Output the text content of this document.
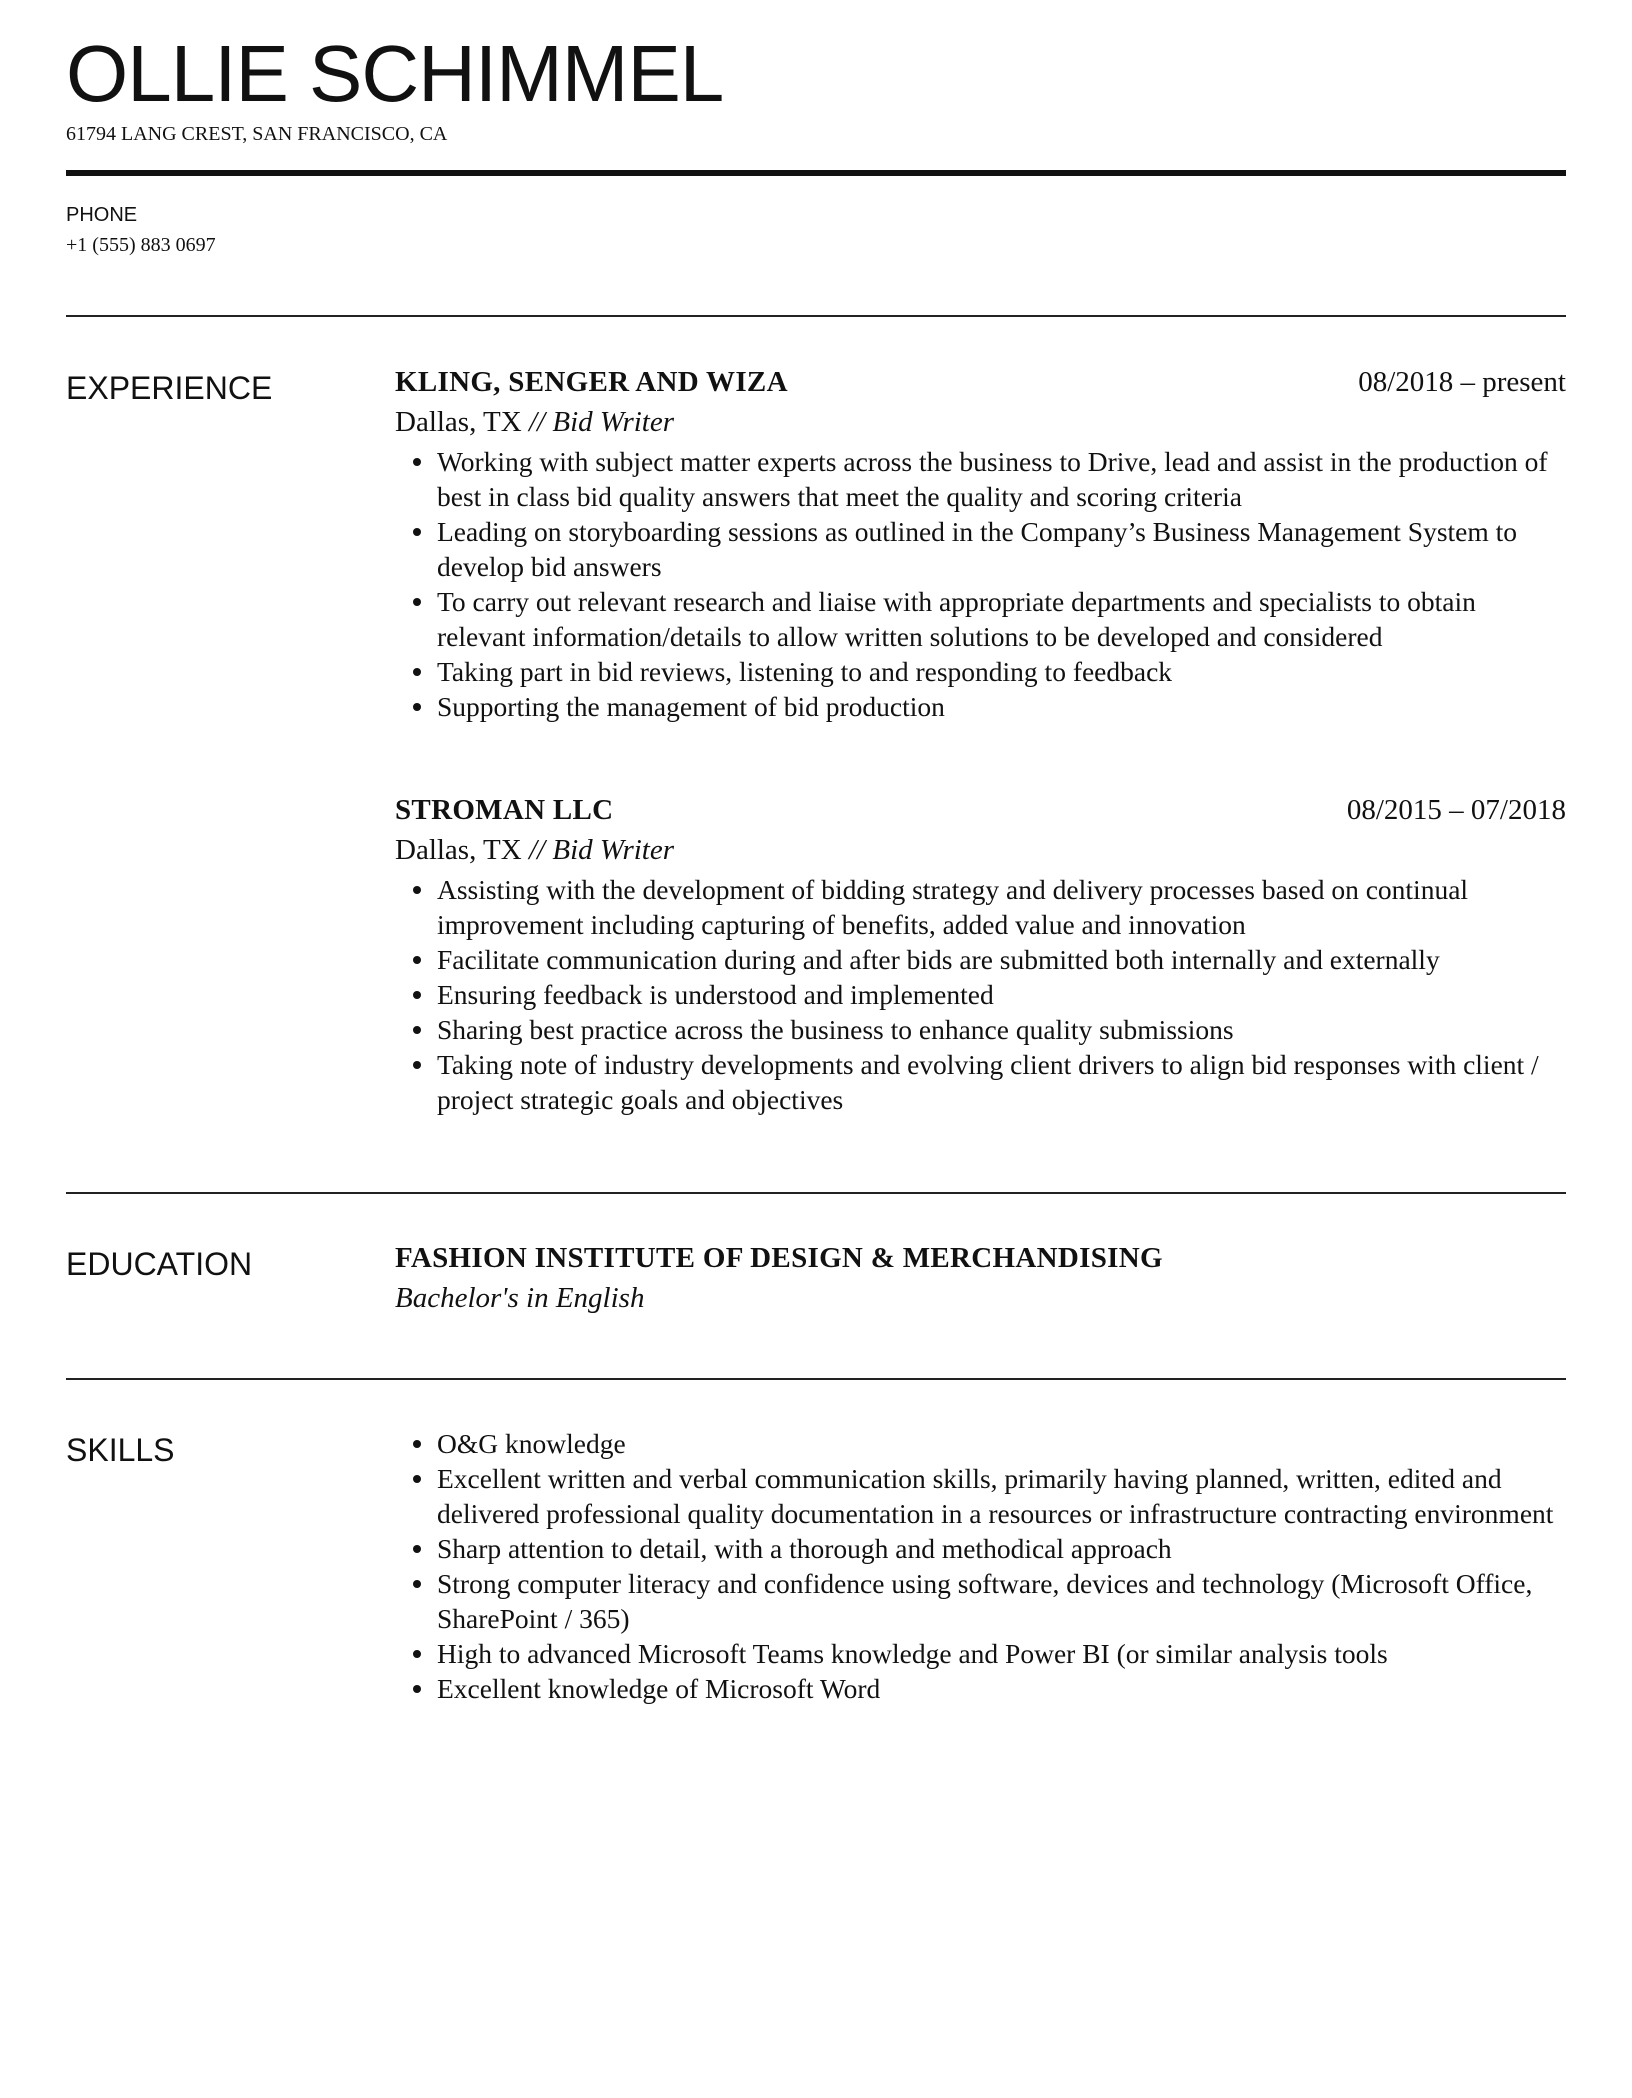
OLLIE SCHIMMEL
61794 LANG CREST, SAN FRANCISCO, CA
PHONE
+1 (555) 883 0697
EXPERIENCE	KLING, SENGER AND WIZA	08/2018 – present
Dallas, TX // Bid Writer
Working with subject matter experts across the business to Drive, lead and assist in the production of best in class bid quality answers that meet the quality and scoring criteria
Leading on storyboarding sessions as outlined in the Company’s Business Management System to develop bid answers
To carry out relevant research and liaise with appropriate departments and specialists to obtain relevant information/details to allow written solutions to be developed and considered
Taking part in bid reviews, listening to and responding to feedback
Supporting the management of bid production
STROMAN LLC	08/2015 – 07/2018
Dallas, TX // Bid Writer
Assisting with the development of bidding strategy and delivery processes based on continual improvement including capturing of benefits, added value and innovation
Facilitate communication during and after bids are submitted both internally and externally
Ensuring feedback is understood and implemented
Sharing best practice across the business to enhance quality submissions
Taking note of industry developments and evolving client drivers to align bid responses with client / project strategic goals and objectives
EDUCATION	FASHION INSTITUTE OF DESIGN & MERCHANDISING
Bachelor's in English
SKILLS	O&G knowledge
Excellent written and verbal communication skills, primarily having planned, written, edited and delivered professional quality documentation in a resources or infrastructure contracting environment
Sharp attention to detail, with a thorough and methodical approach
Strong computer literacy and confidence using software, devices and technology (Microsoft Office, SharePoint / 365)
High to advanced Microsoft Teams knowledge and Power BI (or similar analysis tools
Excellent knowledge of Microsoft Word
